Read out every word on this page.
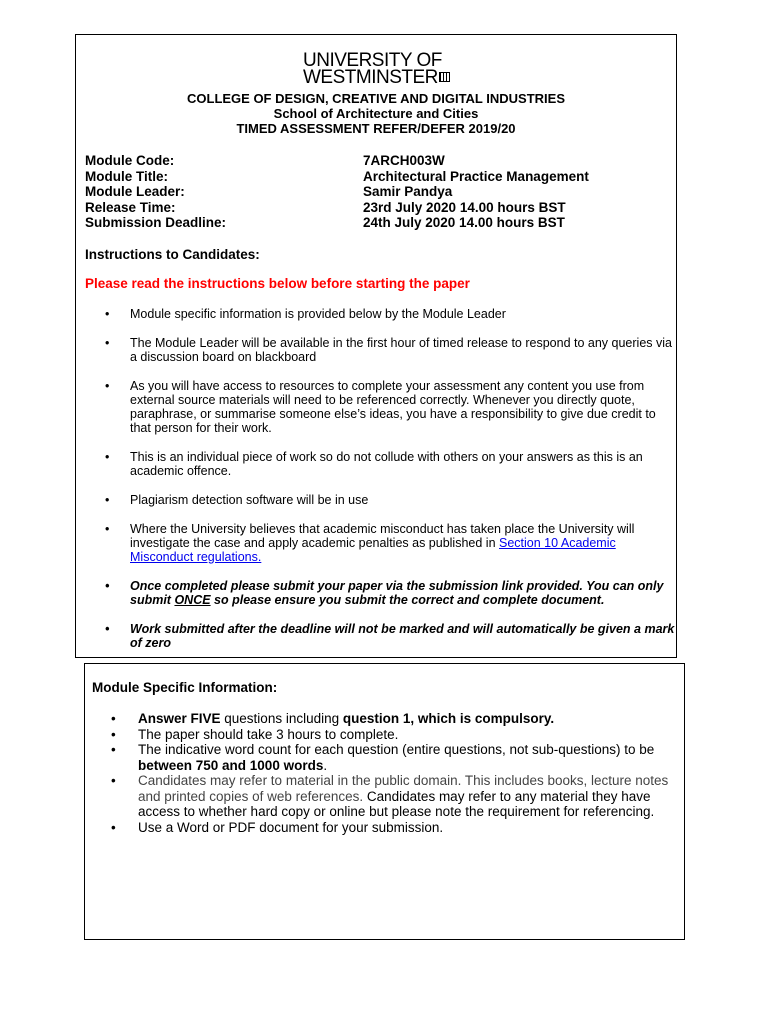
UNIVERSITY OF
WESTMINSTER
COLLEGE OF DESIGN, CREATIVE AND DIGITAL INDUSTRIES
School of Architecture and Cities
TIMED ASSESSMENT REFER/DEFER 2019/20
Module Code:	7ARCH003W
Module Title:	Architectural Practice Management
Module Leader:	Samir Pandya
Release Time:	23rd July 2020 14.00 hours BST
Submission Deadline:	24th July 2020 14.00 hours BST
Instructions to Candidates:
Please read the instructions below before starting the paper
• Module specific information is provided below by the Module Leader
• The Module Leader will be available in the first hour of timed release to respond to any queries via a discussion board on blackboard
• As you will have access to resources to complete your assessment any content you use from external source materials will need to be referenced correctly. Whenever you directly quote, paraphrase, or summarise someone else’s ideas, you have a responsibility to give due credit to that person for their work.
• This is an individual piece of work so do not collude with others on your answers as this is an academic offence.
• Plagiarism detection software will be in use
• Where the University believes that academic misconduct has taken place the University will investigate the case and apply academic penalties as published in Section 10 Academic Misconduct regulations.
• Once completed please submit your paper via the submission link provided. You can only submit ONCE so please ensure you submit the correct and complete document.
• Work submitted after the deadline will not be marked and will automatically be given a mark of zero
Module Specific Information:
• Answer FIVE questions including question 1, which is compulsory.
• The paper should take 3 hours to complete.
• The indicative word count for each question (entire questions, not sub-questions) to be between 750 and 1000 words.
• Candidates may refer to material in the public domain. This includes books, lecture notes and printed copies of web references. Candidates may refer to any material they have access to whether hard copy or online but please note the requirement for referencing.
• Use a Word or PDF document for your submission.
